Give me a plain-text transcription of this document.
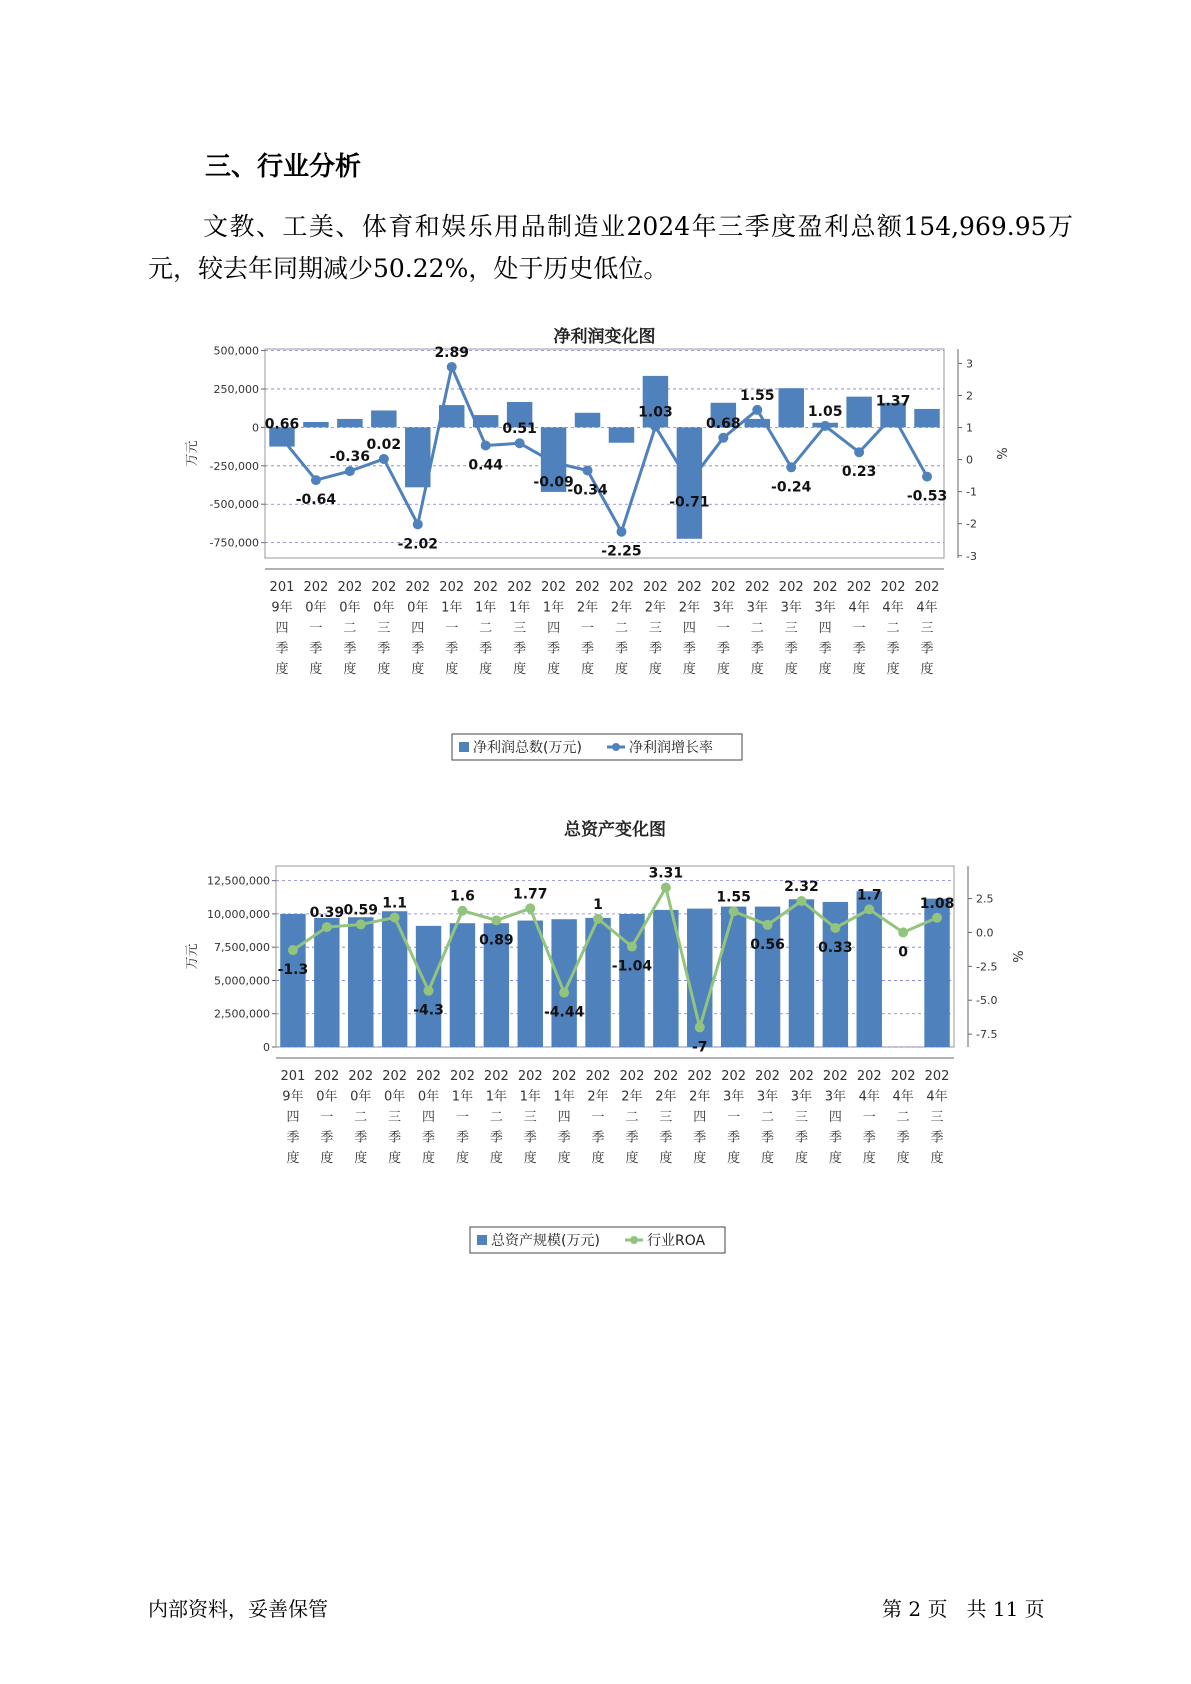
三、行业分析

文教、工美、体育和娱乐用品制造业2024年三季度盈利总额154,969.95万元，较去年同期减少50.22%，处于历史低位。

净利润变化图
500,000
250,000
0
-250,000
-500,000
-750,000
万元
3
2
1
0
-1
-2
-3
%
201 9年四季度
202 0年一季度
202 0年二季度
202 0年三季度
202 0年四季度
202 1年一季度
202 1年二季度
202 1年三季度
202 1年四季度
202 2年一季度
202 2年二季度
202 2年三季度
202 2年四季度
202 3年一季度
202 3年二季度
202 3年三季度
202 3年四季度
202 4年一季度
202 4年二季度
202 4年三季度
0.66
-0.64
-0.36
0.02
-2.02
2.89
0.44
0.51
-0.09
-0.34
-2.25
1.03
-0.71
0.68
1.55
-0.24
1.05
0.23
1.37
-0.53
净利润总数(万元)	净利润增长率
总资产变化图
12,500,000
10,000,000
7,500,000
5,000,000
2,500,000
0
万元
2.5
0.0
-2.5
-5.0
-7.5
%
201 9年四季度
202 0年一季度
202 0年二季度
202 0年三季度
202 0年四季度
202 1年一季度
202 1年二季度
202 1年三季度
202 1年四季度
202 2年一季度
202 2年二季度
202 2年三季度
202 2年四季度
202 3年一季度
202 3年二季度
202 3年三季度
202 3年四季度
202 4年一季度
202 4年二季度
202 4年三季度
-1.3
0.39 0.59 1.1
-4.3
1.6
0.89
1.77
-4.44
1
-1.04
3.31
-7
1.55
0.56
2.32
0.33
1.7
0
1.08
总资产规模(万元)	行业ROA

内部资料，妥善保管	第 2 页   共 11 页
